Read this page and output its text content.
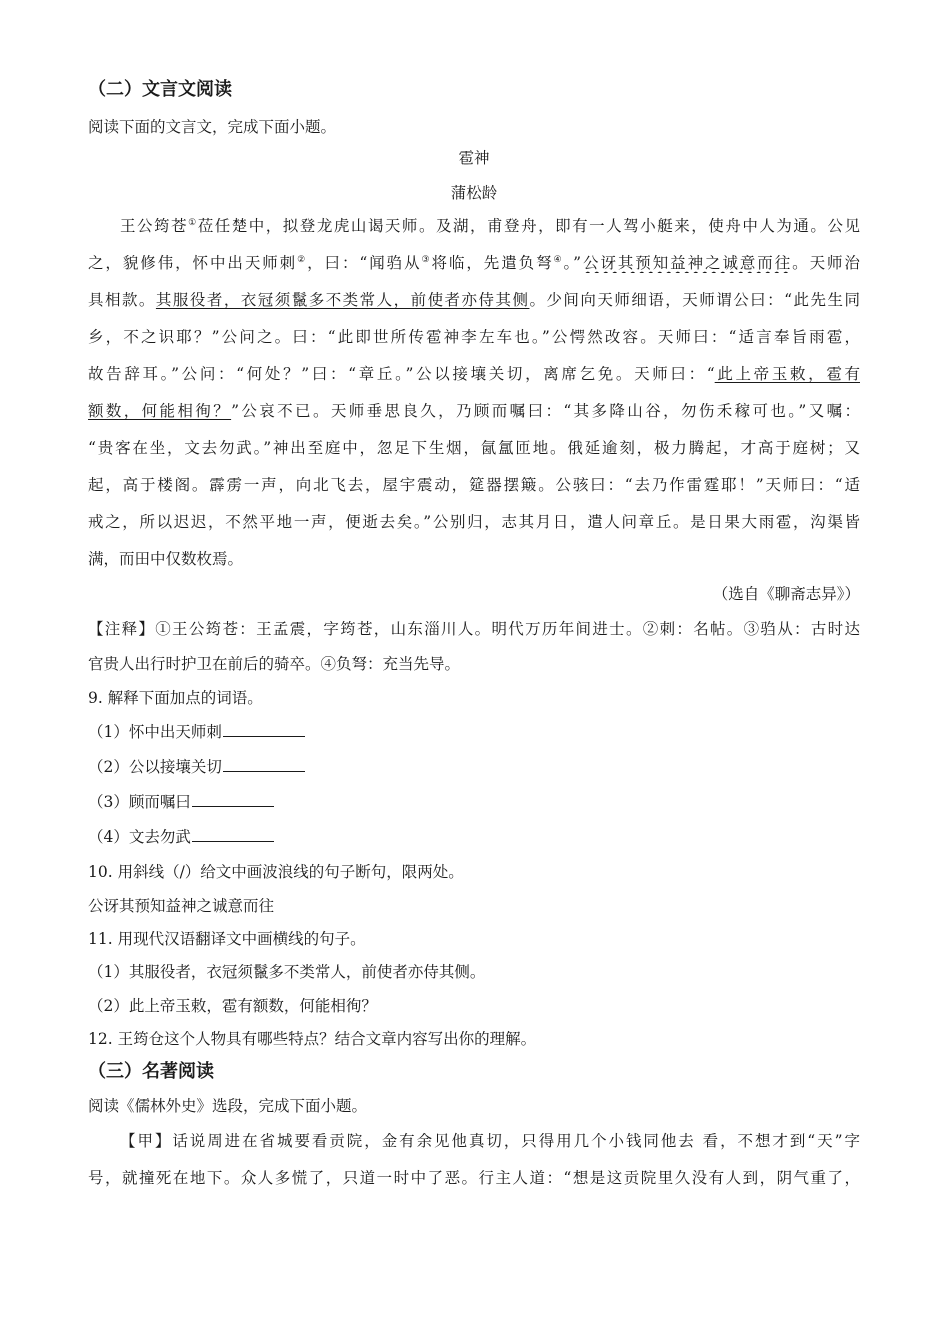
（二）文言文阅读
阅读下面的文言文，完成下面小题。
雹神
蒲松龄
王公筠苍①莅任楚中，拟登龙虎山谒天师。及湖，甫登舟，即有一人驾小艇来，使舟中人为通。公见
之，貌修伟，怀中出天师刺②，曰：“闻驺从③将临，先遣负弩④。”公讶其预知益神之诚意而往。天师治
具相款。其服役者，衣冠须鬣多不类常人，前使者亦侍其侧。少间向天师细语，天师谓公曰：“此先生同
乡，不之识耶？”公问之。曰：“此即世所传雹神李左车也。”公愕然改容。天师曰：“适言奉旨雨雹，
故告辞耳。”公问：“何处？”曰：“章丘。”公以接壤关切，离席乞免。天师曰：“此上帝玉敕，雹有
额数，何能相徇？”公哀不已。天师垂思良久，乃顾而嘱曰：“其多降山谷，勿伤禾稼可也。”又嘱：
“贵客在坐，文去勿武。”神出至庭中，忽足下生烟，氤氲匝地。俄延逾刻，极力腾起，才高于庭树；又
起，高于楼阁。霹雳一声，向北飞去，屋宇震动，筵器摆簸。公骇曰：“去乃作雷霆耶！”天师曰：“适
戒之，所以迟迟，不然平地一声，便逝去矣。”公别归，志其月日，遣人问章丘。是日果大雨雹，沟渠皆
满，而田中仅数枚焉。
（选自《聊斋志异》）
【注释】①王公筠苍：王孟震，字筠苍，山东淄川人。明代万历年间进士。②刺：名帖。③驺从：古时达
官贵人出行时护卫在前后的骑卒。④负弩：充当先导。
9. 解释下面加点的词语。
（1）怀中出天师刺
（2）公以接壤关切
（3）顾而嘱曰
（4）文去勿武
10. 用斜线（/）给文中画波浪线的句子断句，限两处。
公讶其预知益神之诚意而往
11. 用现代汉语翻译文中画横线的句子。
（1）其服役者，衣冠须鬣多不类常人，前使者亦侍其侧。
（2）此上帝玉敕，雹有额数，何能相徇？
12. 王筠仓这个人物具有哪些特点？结合文章内容写出你的理解。
（三）名著阅读
阅读《儒林外史》选段，完成下面小题。
【甲】话说周进在省城要看贡院，金有余见他真切，只得用几个小钱同他去 看，不想才到“天”字
号，就撞死在地下。众人多慌了，只道一时中了恶。行主人道：“想是这贡院里久没有人到，阴气重了，
